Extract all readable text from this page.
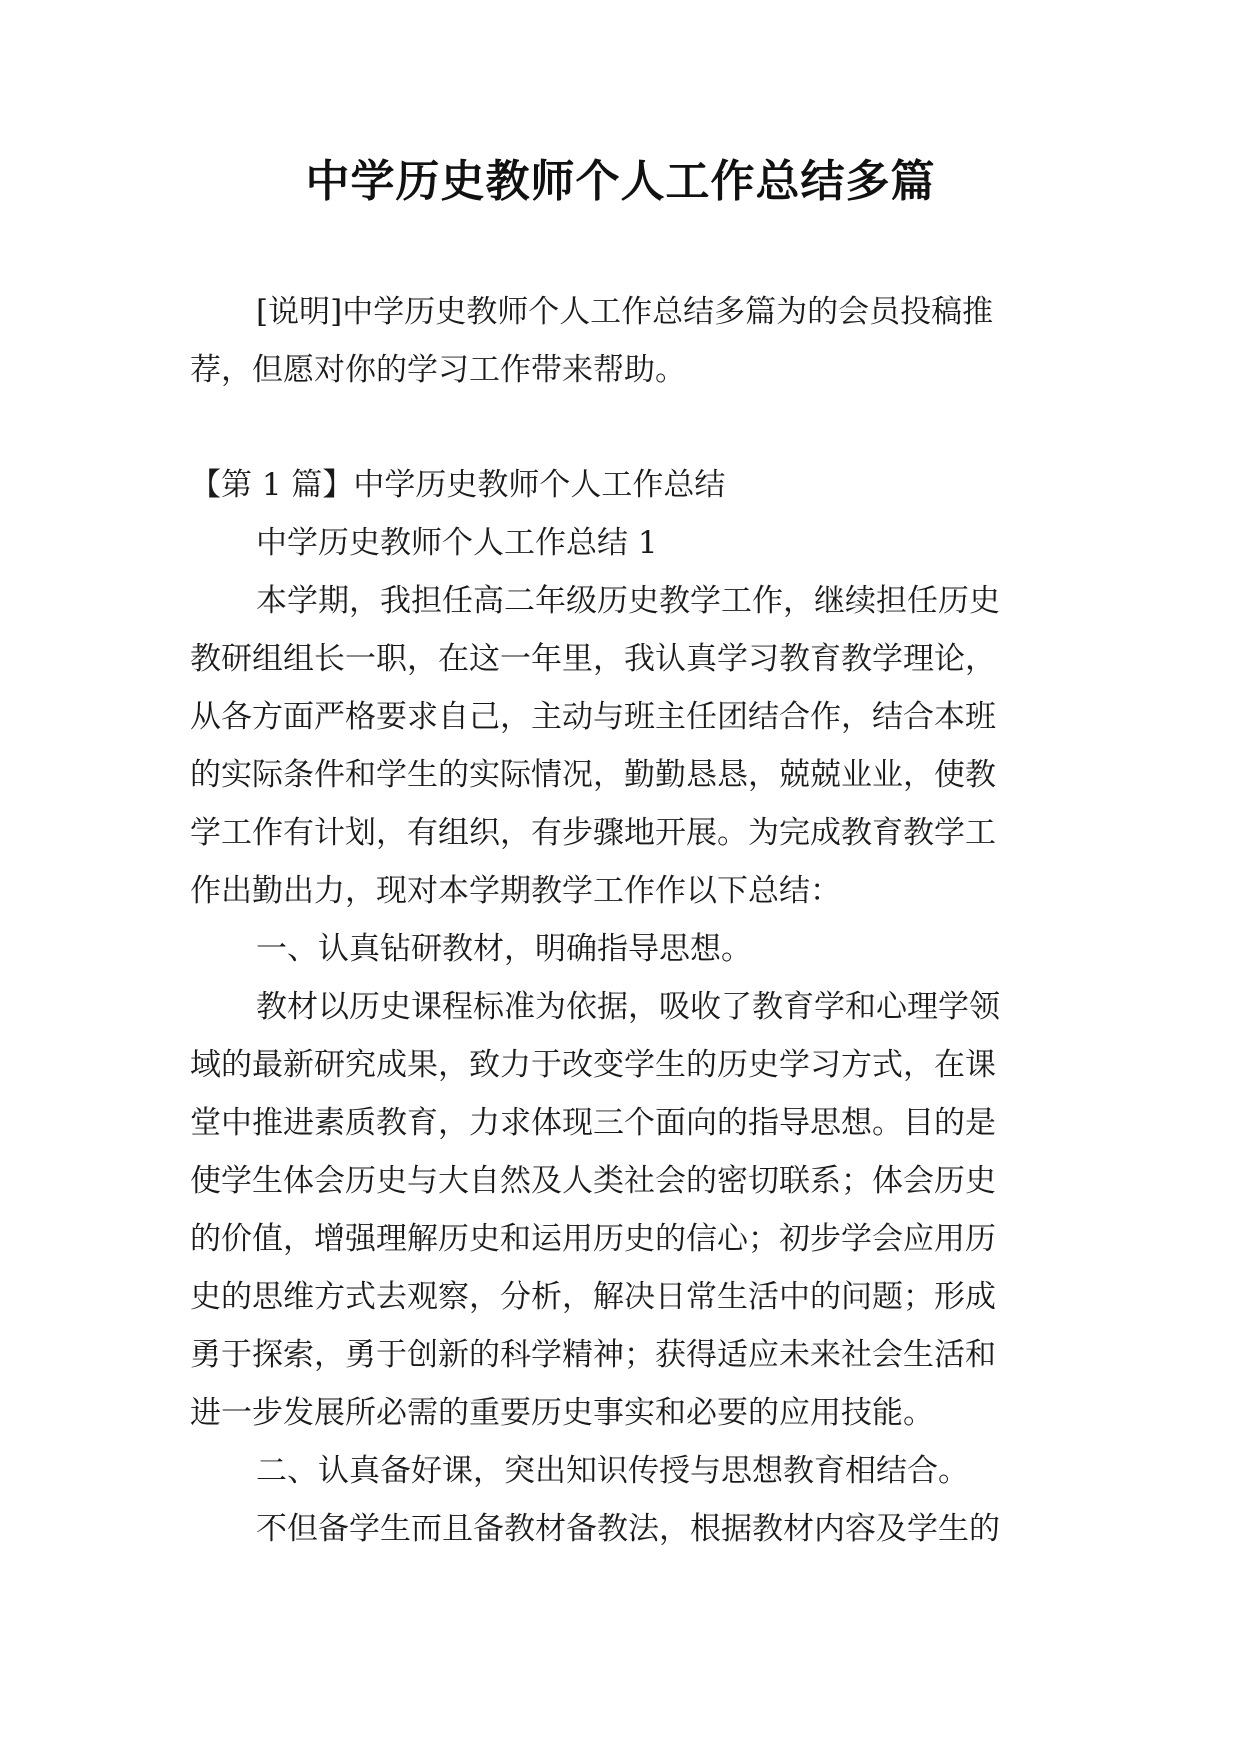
中学历史教师个人工作总结多篇
[说明]中学历史教师个人工作总结多篇为的会员投稿推
荐，但愿对你的学习工作带来帮助。
【第 1 篇】中学历史教师个人工作总结
中学历史教师个人工作总结 1
本学期，我担任高二年级历史教学工作，继续担任历史
教研组组长一职，在这一年里，我认真学习教育教学理论，
从各方面严格要求自己，主动与班主任团结合作，结合本班
的实际条件和学生的实际情况，勤勤恳恳，兢兢业业，使教
学工作有计划，有组织，有步骤地开展。为完成教育教学工
作出勤出力，现对本学期教学工作作以下总结：
一、认真钻研教材，明确指导思想。
教材以历史课程标准为依据，吸收了教育学和心理学领
域的最新研究成果，致力于改变学生的历史学习方式，在课
堂中推进素质教育，力求体现三个面向的指导思想。目的是
使学生体会历史与大自然及人类社会的密切联系；体会历史
的价值，增强理解历史和运用历史的信心；初步学会应用历
史的思维方式去观察，分析，解决日常生活中的问题；形成
勇于探索，勇于创新的科学精神；获得适应未来社会生活和
进一步发展所必需的重要历史事实和必要的应用技能。
二、认真备好课，突出知识传授与思想教育相结合。
不但备学生而且备教材备教法，根据教材内容及学生的
